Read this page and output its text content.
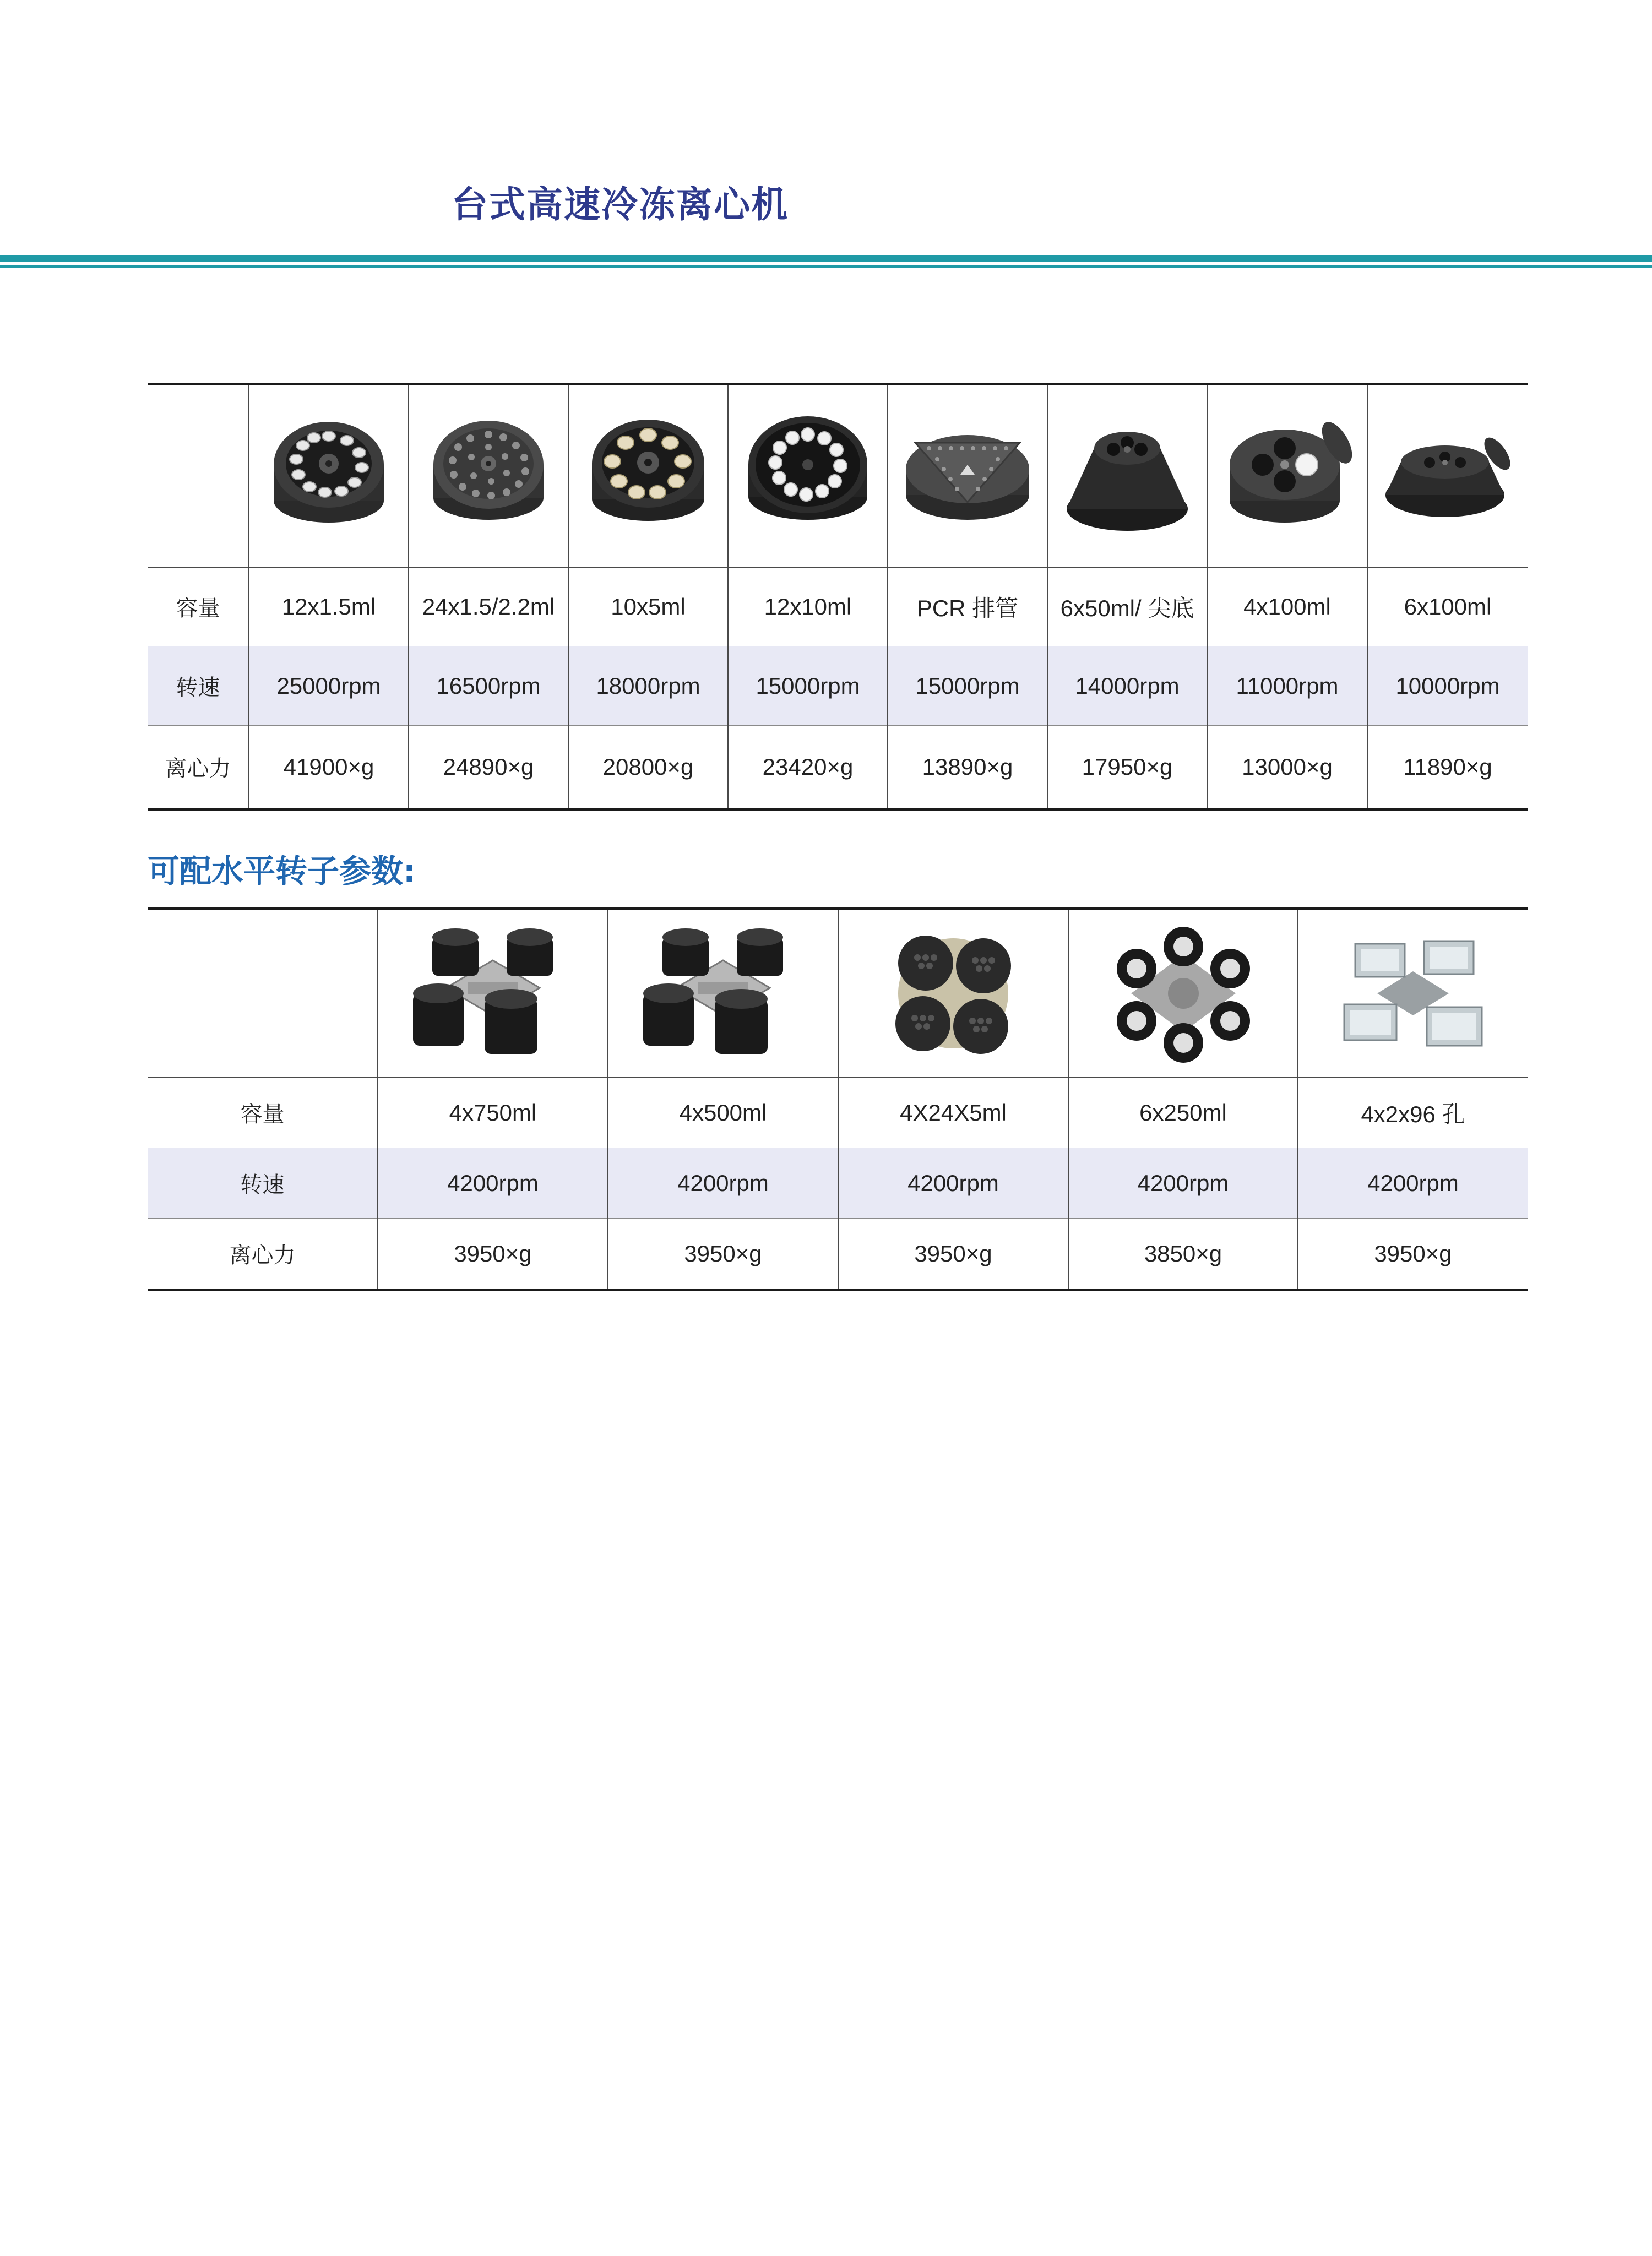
台式高速冷冻离心机

容量	12x1.5ml	24x1.5/2.2ml	10x5ml	12x10ml	PCR 排管	6x50ml/ 尖底	4x100ml	6x100ml
转速	25000rpm	16500rpm	18000rpm	15000rpm	15000rpm	14000rpm	11000rpm	10000rpm
离心力	41900×g	24890×g	20800×g	23420×g	13890×g	17950×g	13000×g	11890×g
可配水平转子参数:

容量	4x750ml	4x500ml	4X24X5ml	6x250ml	4x2x96 孔
转速	4200rpm	4200rpm	4200rpm	4200rpm	4200rpm
离心力	3950×g	3950×g	3950×g	3850×g	3950×g
